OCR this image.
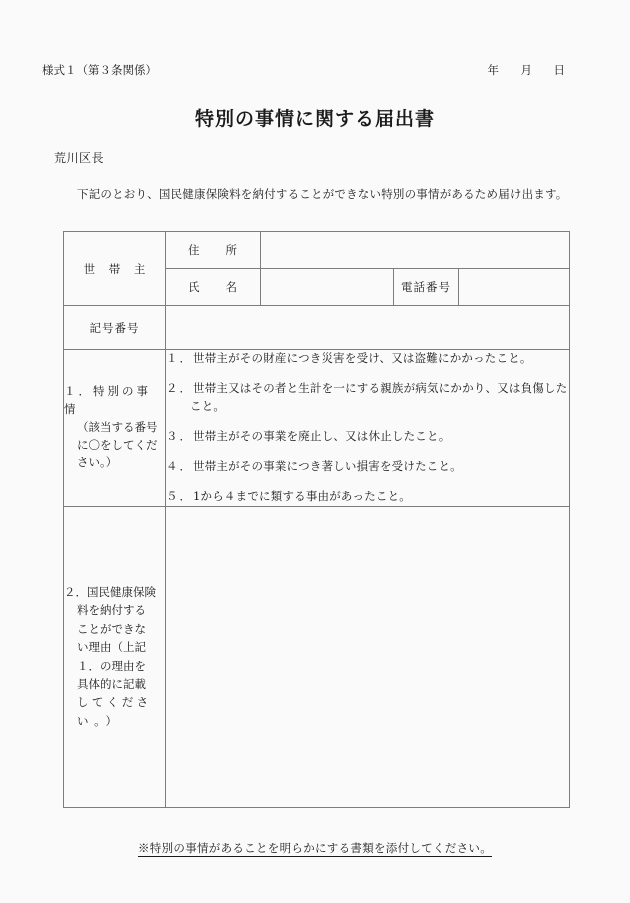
様式１（第３条関係）	年　月　日
特別の事情に関する届出書
荒川区長
下記のとおり、国民健康保険料を納付することができない特別の事情があるため届け出ます。
世 帯 主	住　　所			
	氏　　名		電話番号	
記号番号				

１．特別の事情
（該当する番号に〇をしてください。）

１．世帯主がその財産につき災害を受け、又は盗難にかかったこと。
２．世帯主又はその者と生計を一にする親族が病気にかかり、又は負傷したこと。
３．世帯主がその事業を廃止し、又は休止したこと。
４．世帯主がその事業につき著しい損害を受けたこと。
５．1から４までに類する事由があったこと。

２．国民健康保険
料を納付する
ことができな
い理由（上記
１．の理由を
具体的に記載
してくださ
い。）

※特別の事情があることを明らかにする書類を添付してください。
